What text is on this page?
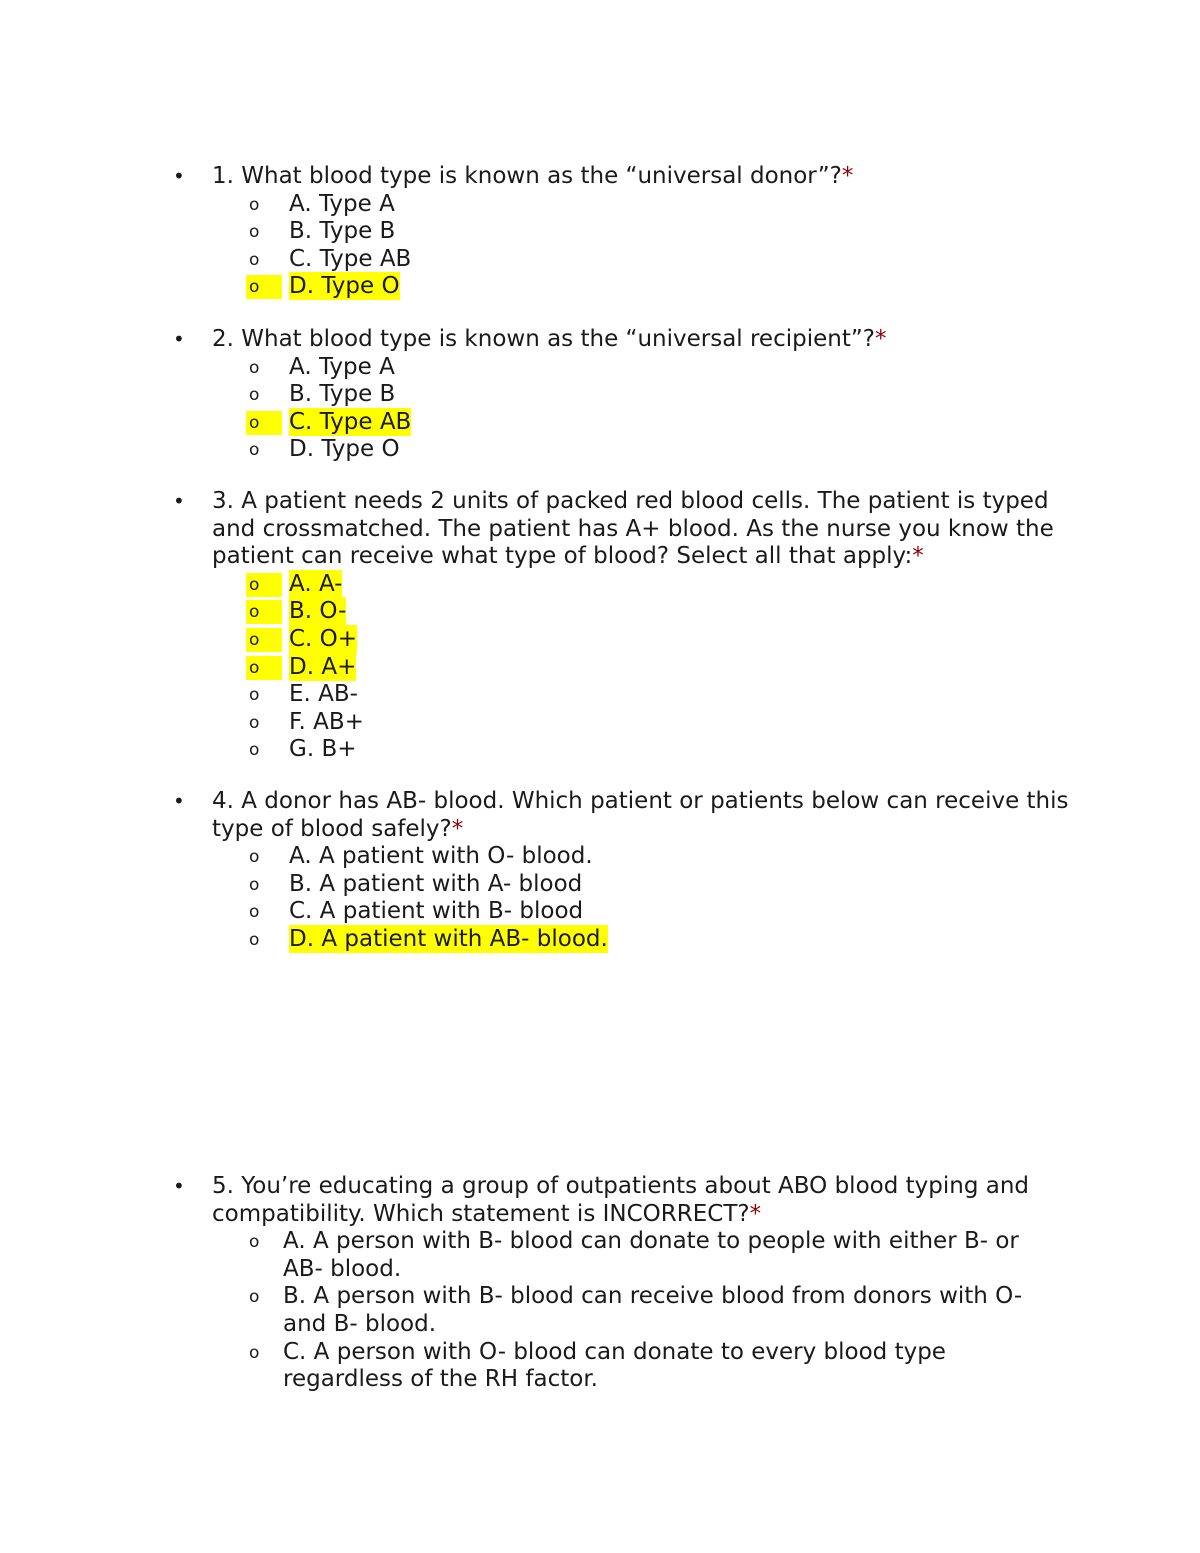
• 1. What blood type is known as the “universal donor”?*
o	A. Type A
o	B. Type B
o	C. Type AB
o	D. Type O
• 2. What blood type is known as the “universal recipient”?*
o	A. Type A
o	B. Type B
o	C. Type AB
o	D. Type O
• 3. A patient needs 2 units of packed red blood cells. The patient is typed and crossmatched. The patient has A+ blood. As the nurse you know the patient can receive what type of blood? Select all that apply:*
o	A. A-
o	B. O-
o	C. O+
o	D. A+
o	E. AB-
o	F. AB+
o	G. B+
• 4. A donor has AB- blood. Which patient or patients below can receive this type of blood safely?*
o	A. A patient with O- blood.
o	B. A patient with A- blood
o	C. A patient with B- blood
o	D. A patient with AB- blood.
• 5. You’re educating a group of outpatients about ABO blood typing and compatibility. Which statement is INCORRECT?*
o	A. A person with B- blood can donate to people with either B- or AB- blood.
o	B. A person with B- blood can receive blood from donors with O- and B- blood.
o	C. A person with O- blood can donate to every blood type regardless of the RH factor.
